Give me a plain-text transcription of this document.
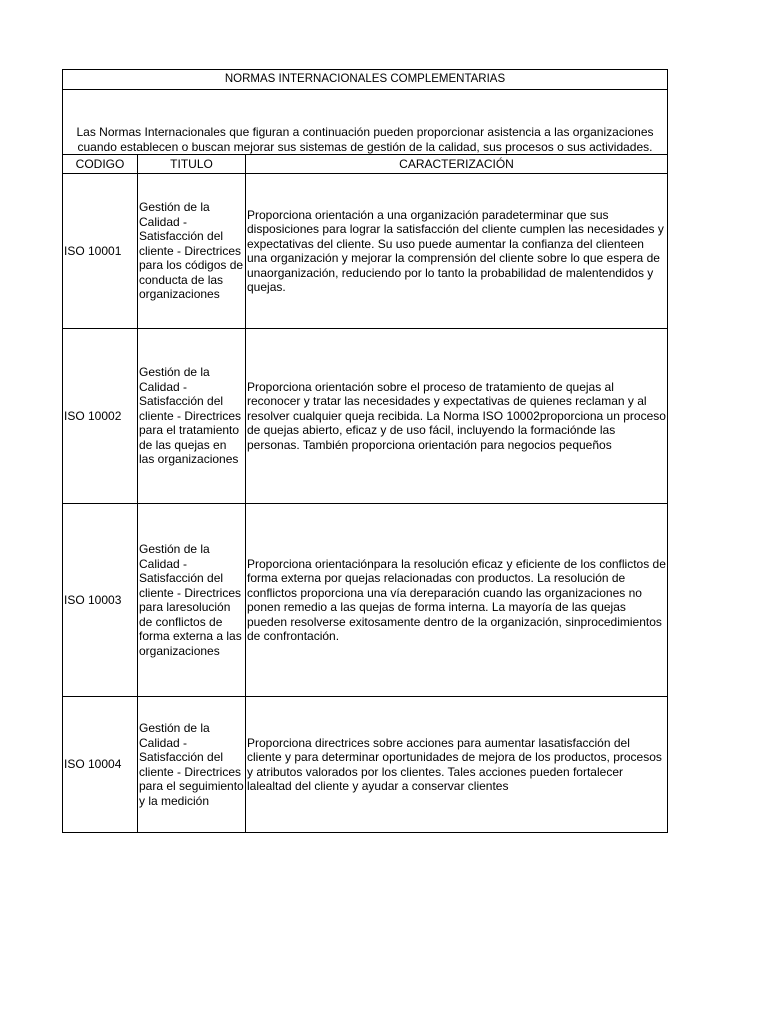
NORMAS INTERNACIONALES COMPLEMENTARIAS		
Las Normas Internacionales que figuran a continuación pueden proporcionar asistencia a las organizaciones cuando establecen o buscan mejorar sus sistemas de gestión de la calidad, sus procesos o sus actividades.		
CODIGO	TITULO	CARACTERIZACIÓN
ISO 10001	Gestión de la Calidad - Satisfacción del cliente - Directrices para los códigos de conducta de las organizaciones	Proporciona orientación a una organización paradeterminar que sus disposiciones para lograr la satisfacción del cliente cumplen las necesidades y expectativas del cliente. Su uso puede aumentar la confianza del clienteen una organización y mejorar la comprensión del cliente sobre lo que espera de unaorganización, reduciendo por lo tanto la probabilidad de malentendidos y quejas.
ISO 10002	Gestión de la Calidad - Satisfacción del cliente - Directrices para el tratamiento de las quejas en las organizaciones	Proporciona orientación sobre el proceso de tratamiento de quejas al reconocer y tratar las necesidades y expectativas de quienes reclaman y al resolver cualquier queja recibida. La Norma ISO 10002proporciona un proceso de quejas abierto, eficaz y de uso fácil, incluyendo la formaciónde las personas. También proporciona orientación para negocios pequeños
ISO 10003	Gestión de la Calidad - Satisfacción del cliente - Directrices para laresolución de conflictos de forma externa a las organizaciones	Proporciona orientaciónpara la resolución eficaz y eficiente de los conflictos de forma externa por quejas relacionadas con productos. La resolución de conflictos proporciona una vía dereparación cuando las organizaciones no ponen remedio a las quejas de forma interna. La mayoría de las quejas pueden resolverse exitosamente dentro de la organización, sinprocedimientos de confrontación.
ISO 10004	Gestión de la Calidad - Satisfacción del cliente - Directrices para el seguimiento y la medición	Proporciona directrices sobre acciones para aumentar lasatisfacción del cliente y para determinar oportunidades de mejora de los productos, procesos y atributos valorados por los clientes. Tales acciones pueden fortalecer lalealtad del cliente y ayudar a conservar clientes
